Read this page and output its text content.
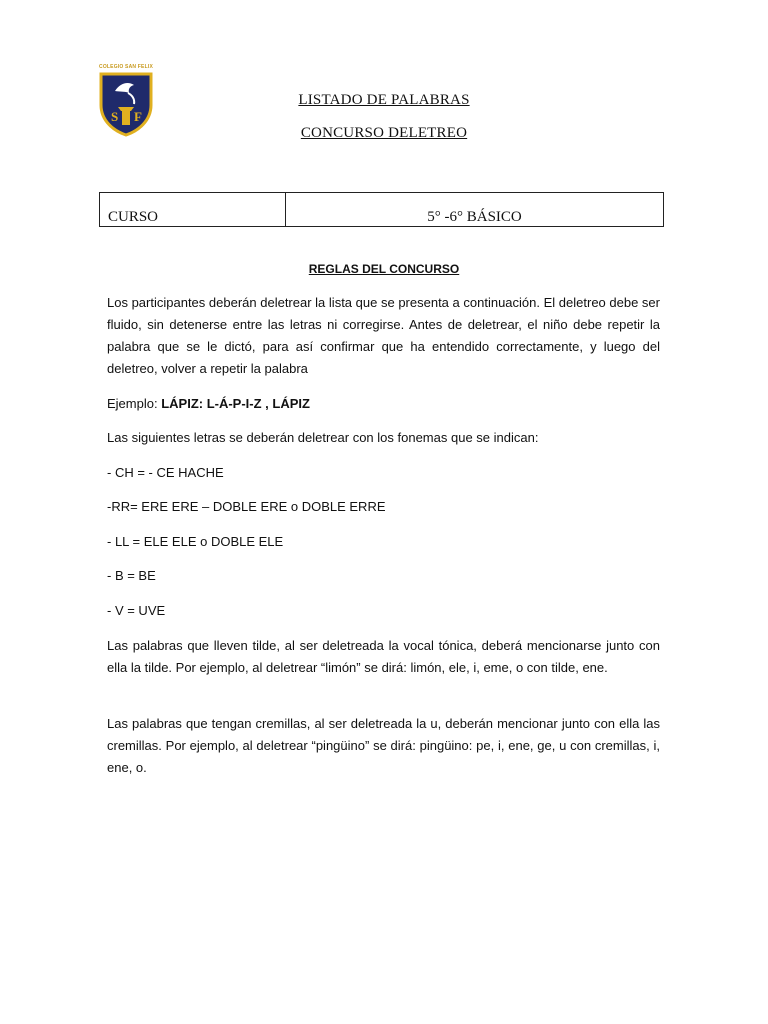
COLEGIO SAN FELIX
S F
LISTADO DE PALABRAS
CONCURSO DELETREO
CURSO	5° -6° BÁSICO
REGLAS DEL CONCURSO
Los participantes deberán deletrear la lista que se presenta a continuación. El deletreo debe ser fluido, sin detenerse entre las letras ni corregirse. Antes de deletrear, el niño debe repetir la palabra que se le dictó, para así confirmar que ha entendido correctamente, y luego del deletreo, volver a repetir la palabra
Ejemplo: LÁPIZ: L-Á-P-I-Z , LÁPIZ
Las siguientes letras se deberán deletrear con los fonemas que se indican:
- CH = - CE HACHE
-RR= ERE ERE – DOBLE ERE o DOBLE ERRE
- LL = ELE ELE o DOBLE ELE
- B = BE
- V = UVE
Las palabras que lleven tilde, al ser deletreada la vocal tónica, deberá mencionarse junto con ella la tilde. Por ejemplo, al deletrear “limón” se dirá: limón, ele, i, eme, o con tilde, ene.
Las palabras que tengan cremillas, al ser deletreada la u, deberán mencionar junto con ella las cremillas. Por ejemplo, al deletrear “pingüino” se dirá: pingüino: pe, i, ene, ge, u con cremillas, i, ene, o.
